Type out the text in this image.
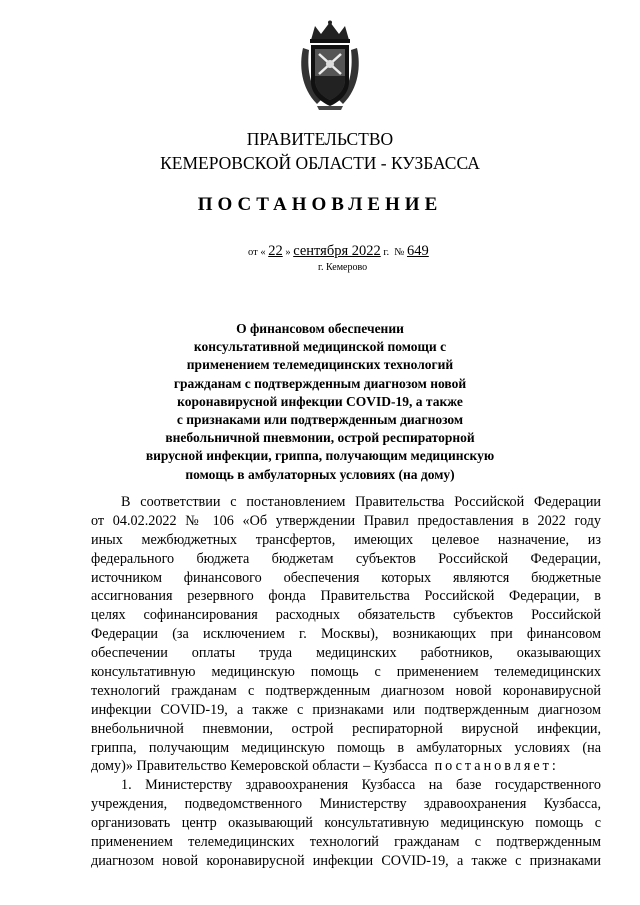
ПРАВИТЕЛЬСТВО
КЕМЕРОВСКОЙ ОБЛАСТИ - КУЗБАССА
ПОСТАНОВЛЕНИЕ
от « 22 » сентября 2022 г. № 649
г. Кемерово
О финансовом обеспечении
консультативной медицинской помощи с
применением телемедицинских технологий
гражданам с подтвержденным диагнозом новой
коронавирусной инфекции COVID-19, а также
с признаками или подтвержденным диагнозом
внебольничной пневмонии, острой респираторной
вирусной инфекции, гриппа, получающим медицинскую
помощь в амбулаторных условиях (на дому)
В соответствии с постановлением Правительства Российской Федерации
от 04.02.2022 № 106 «Об утверждении Правил предоставления в 2022 году
иных межбюджетных трансфертов, имеющих целевое назначение, из
федерального бюджета бюджетам субъектов Российской Федерации,
источником финансового обеспечения которых являются бюджетные
ассигнования резервного фонда Правительства Российской Федерации, в
целях софинансирования расходных обязательств субъектов Российской
Федерации (за исключением г. Москвы), возникающих при финансовом
обеспечении оплаты труда медицинских работников, оказывающих
консультативную медицинскую помощь с применением телемедицинских
технологий гражданам с подтвержденным диагнозом новой коронавирусной
инфекции COVID-19, а также с признаками или подтвержденным диагнозом
внебольничной пневмонии, острой респираторной вирусной инфекции,
гриппа, получающим медицинскую помощь в амбулаторных условиях (на
дому)» Правительство Кемеровской области – Кузбасса постановляет:
1. Министерству здравоохранения Кузбасса на базе государственного
учреждения, подведомственного Министерству здравоохранения Кузбасса,
организовать центр оказывающий консультативную медицинскую помощь с
применением телемедицинских технологий гражданам с подтвержденным
диагнозом новой коронавирусной инфекции COVID-19, а также с признаками
